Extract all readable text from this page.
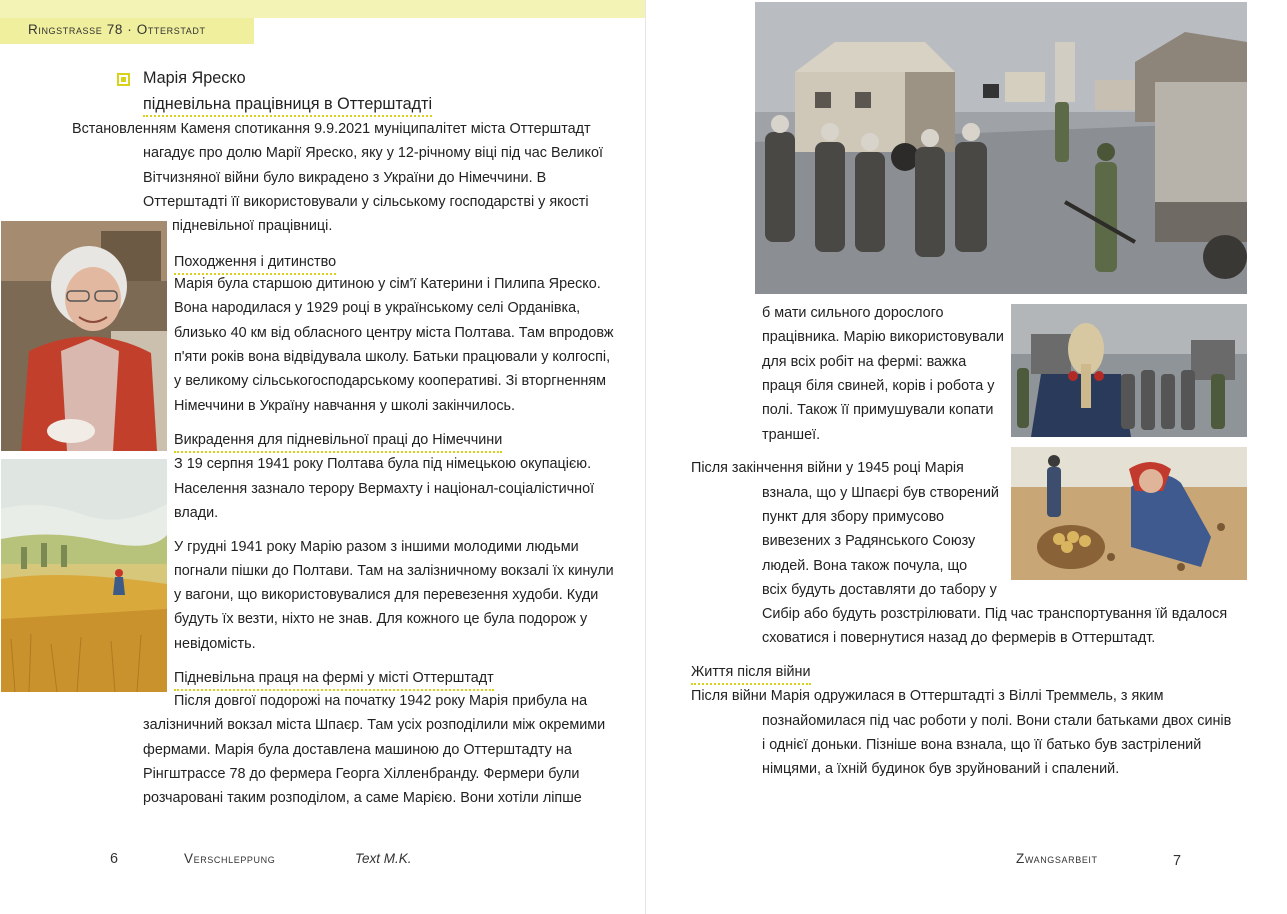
Ringstrasse 78 · Otterstadt
Марія Яреско
підневільна працівниця в Оттерштадті
Встановленням Каменя спотикання 9.9.2021 муніципалітет міста Оттерштадт
нагадує про долю Марії Яреско, яку у 12-річному віці під час Великої
Вітчизняної війни було викрадено з України до Німеччини. В
Оттерштадті її використовували у сільському господарстві у якості
підневільної працівниці.
Походження і дитинство
Марія була старшою дитиною у сім'ї Катерини і Пилипа Яреско.
Вона народилася у 1929 році в українському селі Орданівка,
близько 40 км від обласного центру міста Полтава. Там впродовж
п'яти років вона відвідувала школу. Батьки працювали у колгоспі,
у великому сільськогосподарському кооперативі. Зі вторгненням
Німеччини в Україну навчання у школі закінчилось.
Викрадення для підневільної праці до Німеччини
З 19 серпня 1941 року Полтава була під німецькою окупацією.
Населення зазнало терору Вермахту і націонал-соціалістичної
влади.
У грудні 1941 року Марію разом з іншими молодими людьми
погнали пішки до Полтави. Там на залізничному вокзалі їх кинули
у вагони, що використовувалися для перевезення худоби. Куди
будуть їх везти, ніхто не знав. Для кожного це була подорож у
невідомість.
Підневільна праця на фермі у місті Оттерштадт
Після довгої подорожі на початку 1942 року Марія прибула на
залізничний вокзал міста Шпаєр. Там усіх розподілили між окремими
фермами. Марія була доставлена машиною до Оттерштадту на
Рінгштрассе 78 до фермера Георга Хілленбранду. Фермери були
розчаровані таким розподілом, а саме Марією. Вони хотіли ліпше
6	Verschleppung	Text M.K.
б мати сильного дорослого
працівника. Марію використовували
для всіх робіт на фермі: важка
праця біля свиней, корів і робота у
полі. Також її примушували копати
траншеї.
Після закінчення війни у 1945 році Марія
взнала, що у Шпаєрі був створений
пункт для збору примусово
вивезених з Радянського Союзу
людей. Вона також почула, що
всіх будуть доставляти до табору у
Сибір або будуть розстрілювати. Під час транспортування їй вдалося
сховатися і повернутися назад до фермерів в Оттерштадт.
Життя після війни
Після війни Марія одружилася в Оттерштадті з Віллі Треммель, з яким
познайомилася під час роботи у полі. Вони стали батьками двох синів
і однієї доньки. Пізніше вона взнала, що її батько був застрілений
німцями, а їхній будинок був зруйнований і спалений.
Zwangsarbeit	7
